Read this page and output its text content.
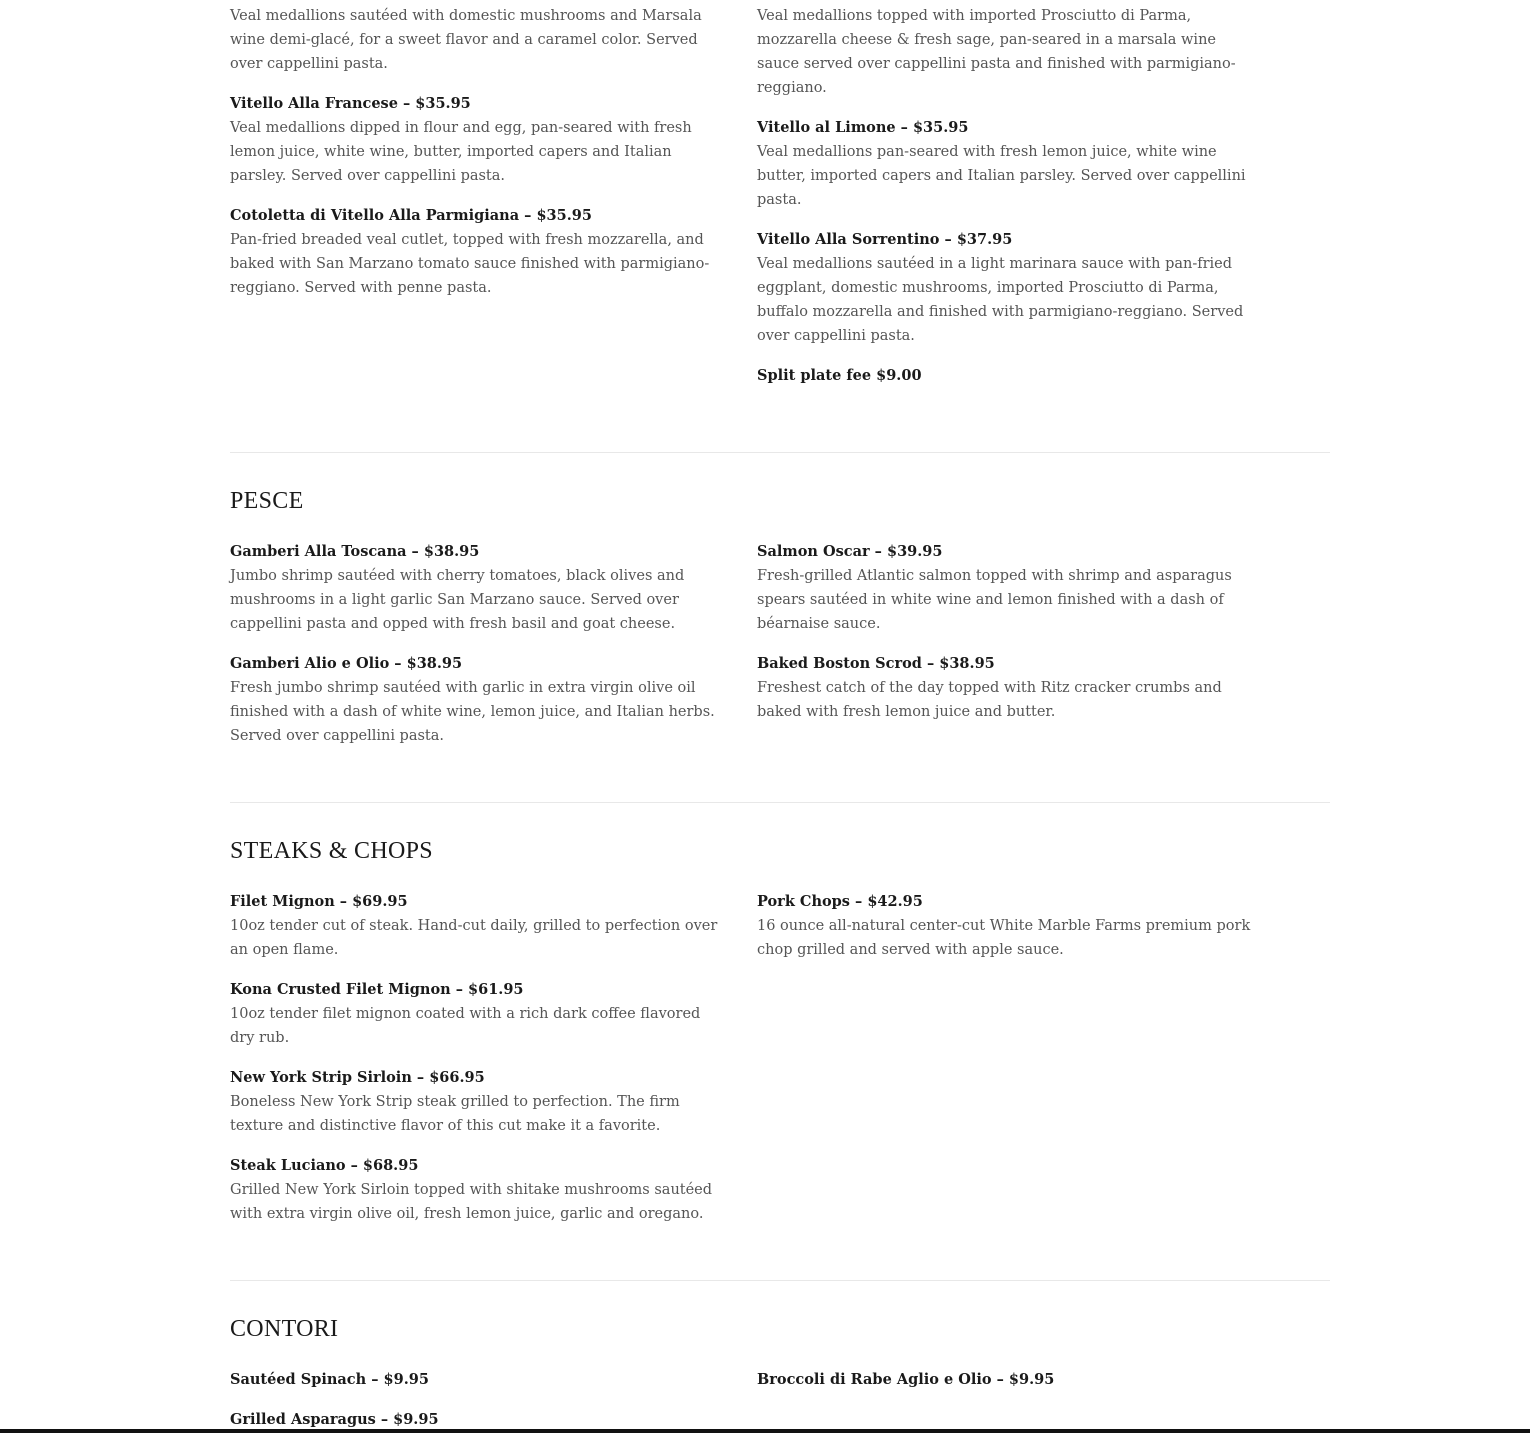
Veal medallions sautéed with domestic mushrooms and Marsala wine demi-glacé, for a sweet flavor and a caramel color. Served over cappellini pasta.
Vitello Alla Francese – $35.95
Veal medallions dipped in flour and egg, pan-seared with fresh lemon juice, white wine, butter, imported capers and Italian parsley. Served over cappellini pasta.
Cotoletta di Vitello Alla Parmigiana – $35.95
Pan-fried breaded veal cutlet, topped with fresh mozzarella, and baked with San Marzano tomato sauce finished with parmigiano-reggiano. Served with penne pasta.
Veal medallions topped with imported Prosciutto di Parma, mozzarella cheese & fresh sage, pan-seared in a marsala wine sauce served over cappellini pasta and finished with parmigiano-reggiano.
Vitello al Limone – $35.95
Veal medallions pan-seared with fresh lemon juice, white wine butter, imported capers and Italian parsley. Served over cappellini pasta.
Vitello Alla Sorrentino – $37.95
Veal medallions sautéed in a light marinara sauce with pan-fried eggplant, domestic mushrooms, imported Prosciutto di Parma, buffalo mozzarella and finished with parmigiano-reggiano. Served over cappellini pasta.
Split plate fee $9.00
PESCE
Gamberi Alla Toscana – $38.95
Jumbo shrimp sautéed with cherry tomatoes, black olives and mushrooms in a light garlic San Marzano sauce. Served over cappellini pasta and opped with fresh basil and goat cheese.
Gamberi Alio e Olio – $38.95
Fresh jumbo shrimp sautéed with garlic in extra virgin olive oil finished with a dash of white wine, lemon juice, and Italian herbs. Served over cappellini pasta.
Salmon Oscar – $39.95
Fresh-grilled Atlantic salmon topped with shrimp and asparagus spears sautéed in white wine and lemon finished with a dash of béarnaise sauce.
Baked Boston Scrod – $38.95
Freshest catch of the day topped with Ritz cracker crumbs and baked with fresh lemon juice and butter.
STEAKS & CHOPS
Filet Mignon – $69.95
10oz tender cut of steak. Hand-cut daily, grilled to perfection over an open flame.
Kona Crusted Filet Mignon – $61.95
10oz tender filet mignon coated with a rich dark coffee flavored dry rub.
New York Strip Sirloin – $66.95
Boneless New York Strip steak grilled to perfection. The firm texture and distinctive flavor of this cut make it a favorite.
Steak Luciano – $68.95
Grilled New York Sirloin topped with shitake mushrooms sautéed with extra virgin olive oil, fresh lemon juice, garlic and oregano.
Pork Chops – $42.95
16 ounce all-natural center-cut White Marble Farms premium pork chop grilled and served with apple sauce.
CONTORI
Sautéed Spinach – $9.95
Grilled Asparagus – $9.95
Broccoli di Rabe Aglio e Olio – $9.95
